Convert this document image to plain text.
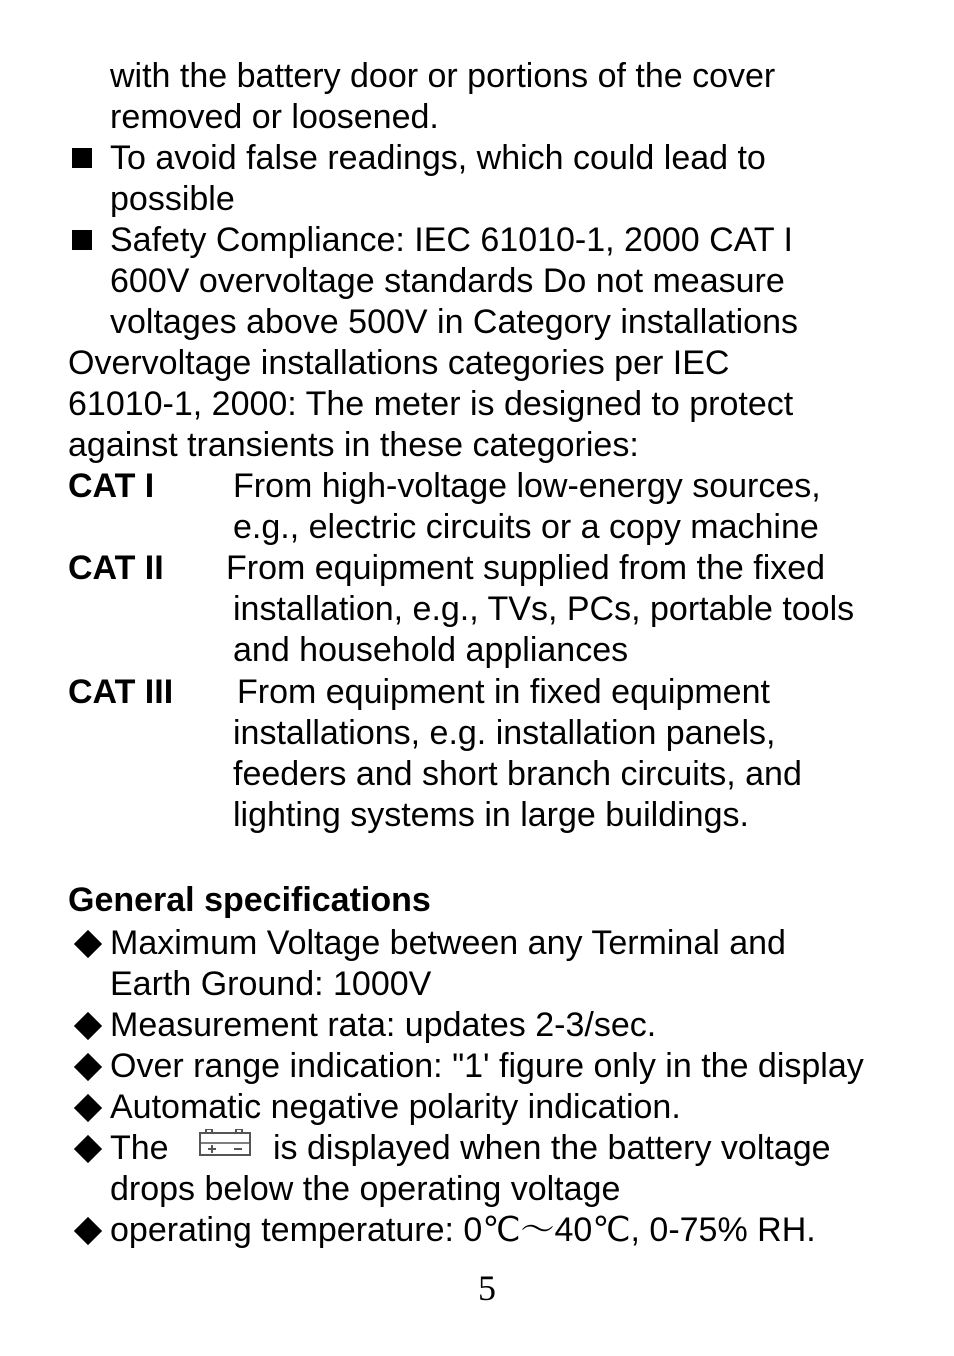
with the battery door or portions of the cover
removed or loosened.
To avoid false readings, which could lead to
possible
Safety Compliance: IEC 61010-1, 2000 CAT I
600V overvoltage standards Do not measure
voltages above 500V in Category installations
Overvoltage installations categories per IEC
61010-1, 2000: The meter is designed to protect
against transients in these categories:
CAT I From high-voltage low-energy sources,
e.g., electric circuits or a copy machine
CAT II From equipment supplied from the fixed
installation, e.g., TVs, PCs, portable tools
and household appliances
CAT III From equipment in fixed equipment
installations, e.g. installation panels,
feeders and short branch circuits, and
lighting systems in large buildings.
General specifications
Maximum Voltage between any Terminal and
Earth Ground: 1000V
Measurement rata: updates 2-3/sec.
Over range indication: "1' figure only in the display
Automatic negative polarity indication.
The	is displayed when the battery voltage
drops below the operating voltage
operating temperature: 0℃～40℃, 0-75% RH.
5
